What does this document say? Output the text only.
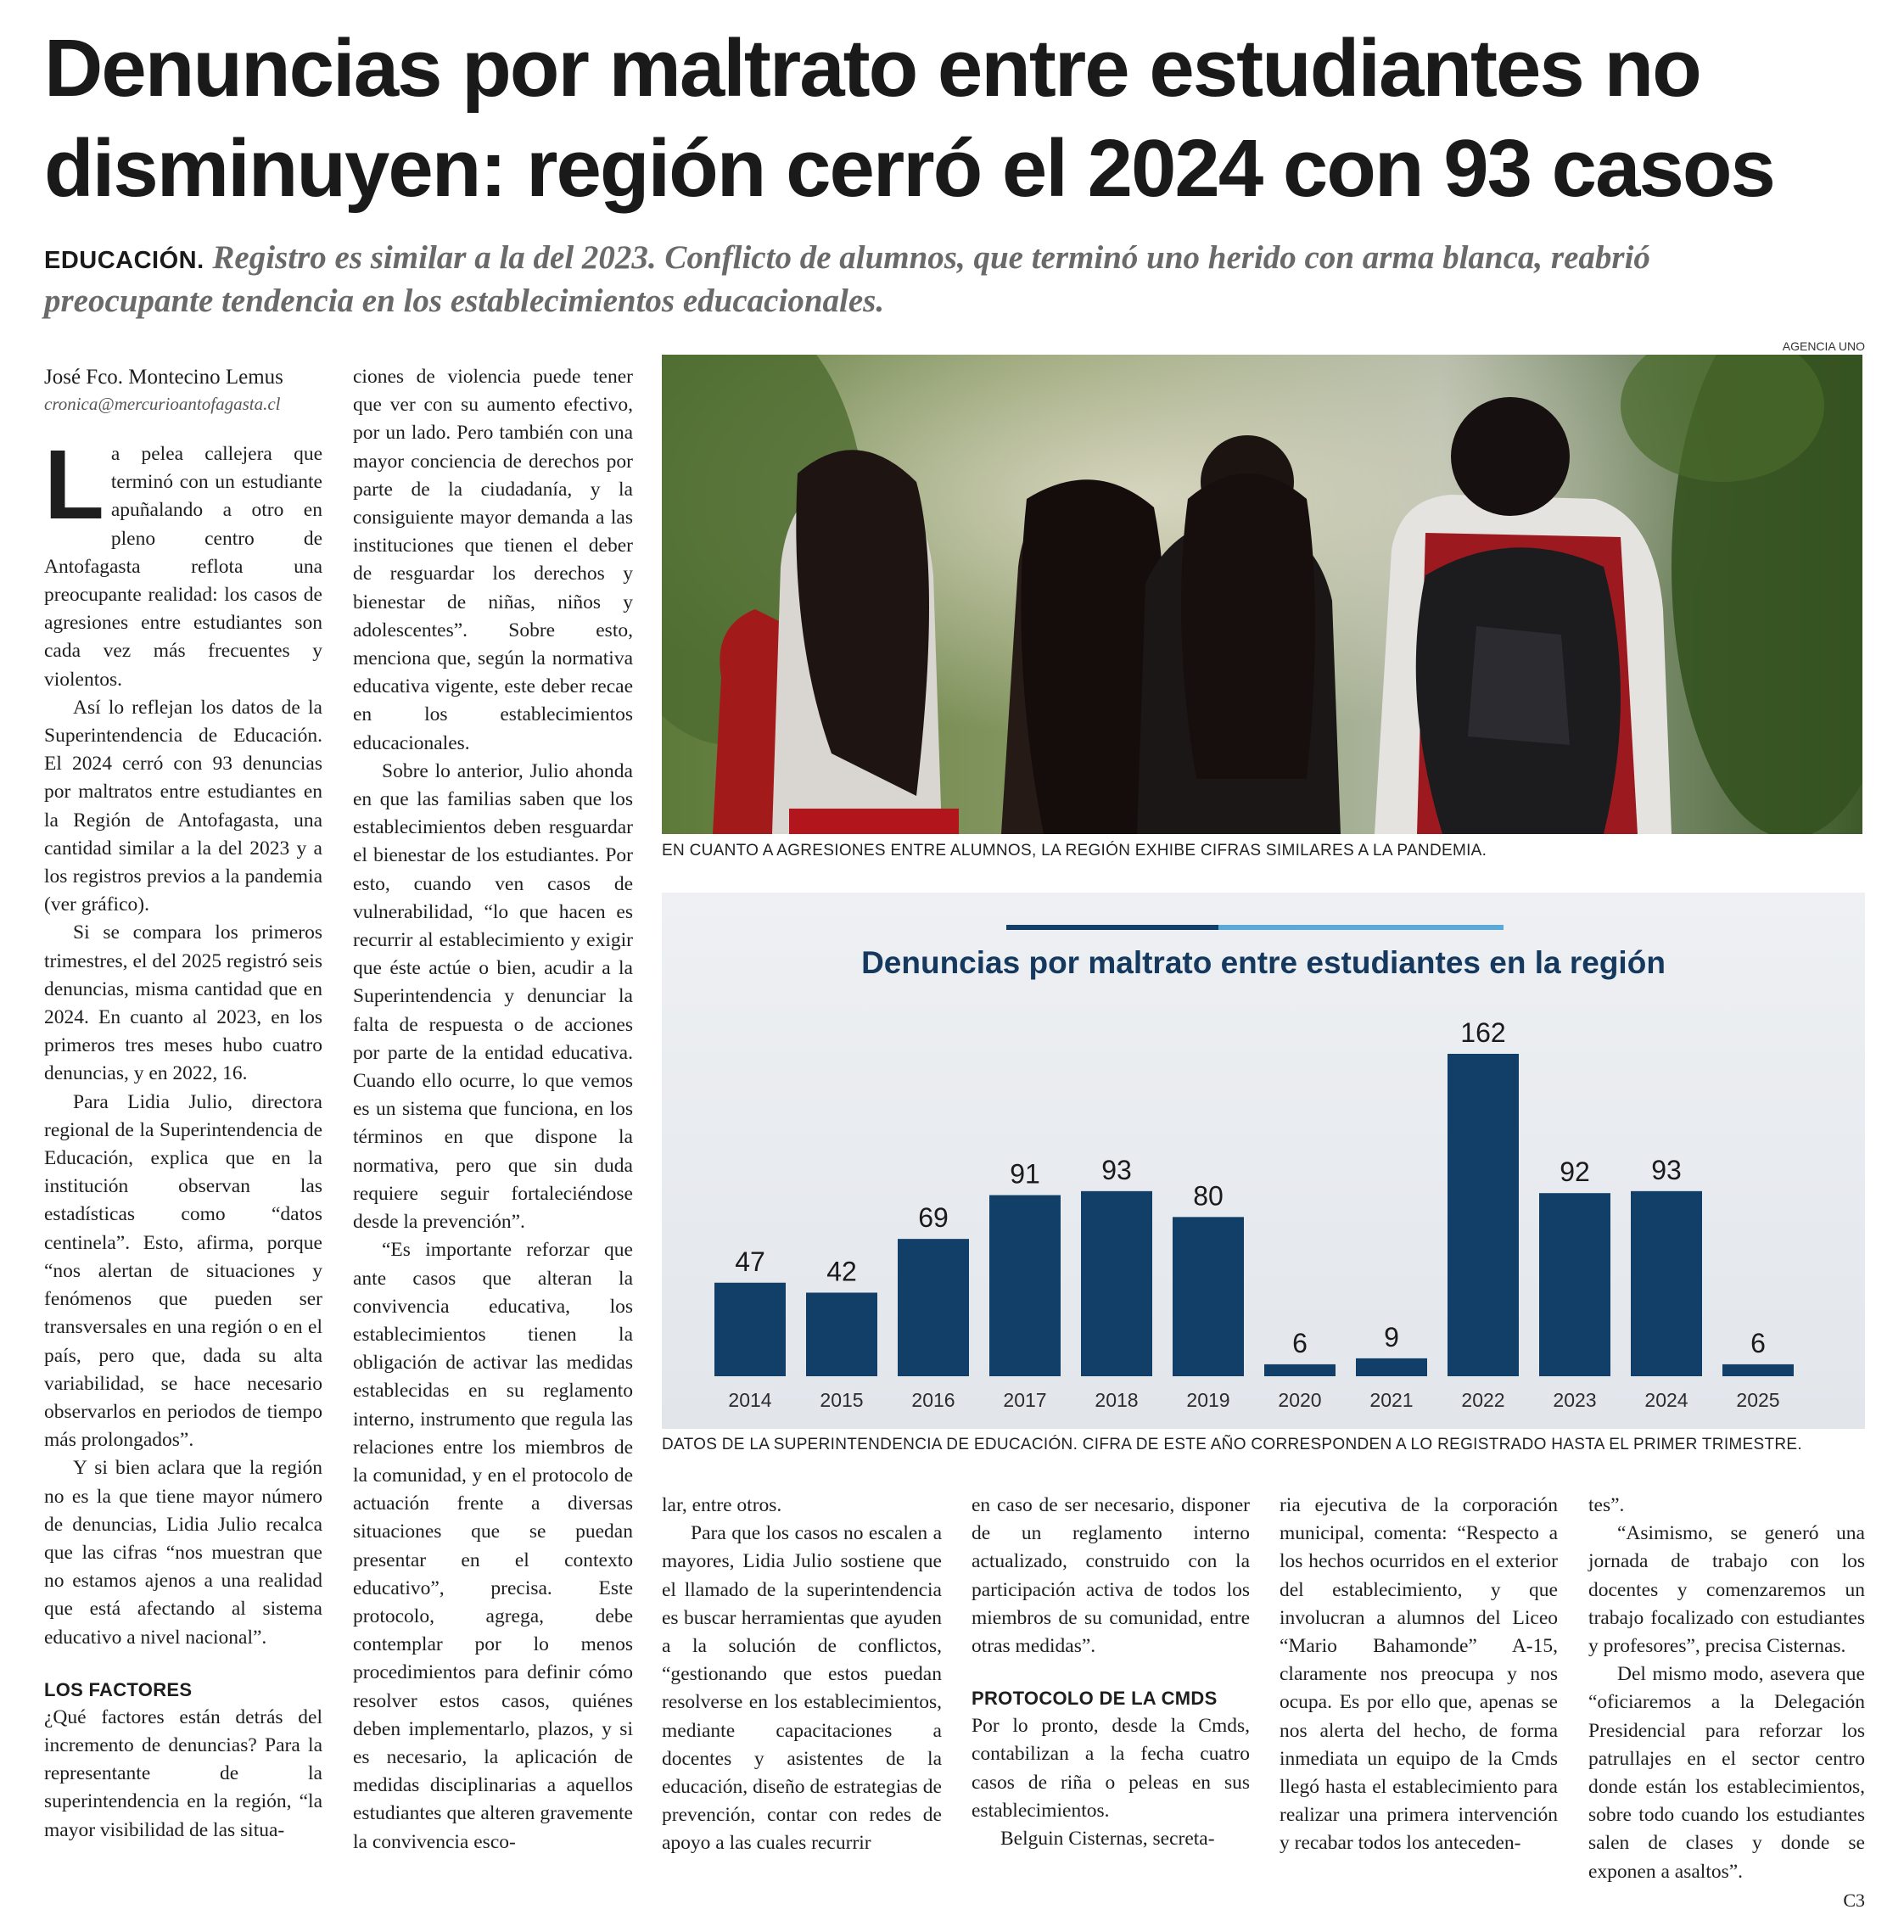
Denuncias por maltrato entre estudiantes no disminuyen: región cerró el 2024 con 93 casos

EDUCACIÓN. Registro es similar a la del 2023. Conflicto de alumnos, que terminó uno herido con arma blanca, reabrió preocupante tendencia en los establecimientos educacionales.

José Fco. Montecino Lemus
cronica@mercurioantofagasta.cl

La pelea callejera que terminó con un estudiante apuñalando a otro en pleno centro de Antofagasta reflota una preocupante realidad: los casos de agresiones entre estudiantes son cada vez más frecuentes y violentos.

Así lo reflejan los datos de la Superintendencia de Educación. El 2024 cerró con 93 denuncias por maltratos entre estudiantes en la Región de Antofagasta, una cantidad similar a la del 2023 y a los registros previos a la pandemia (ver gráfico).

Si se compara los primeros trimestres, el del 2025 registró seis denuncias, misma cantidad que en 2024. En cuanto al 2023, en los primeros tres meses hubo cuatro denuncias, y en 2022, 16.

Para Lidia Julio, directora regional de la Superintendencia de Educación, explica que en la institución observan las estadísticas como “datos centinela”. Esto, afirma, porque “nos alertan de situaciones y fenómenos que pueden ser transversales en una región o en el país, pero que, dada su alta variabilidad, se hace necesario observarlos en periodos de tiempo más prolongados”.

Y si bien aclara que la región no es la que tiene mayor número de denuncias, Lidia Julio recalca que las cifras “nos muestran que no estamos ajenos a una realidad que está afectando al sistema educativo a nivel nacional”.

LOS FACTORES

¿Qué factores están detrás del incremento de denuncias? Para la representante de la superintendencia en la región, “la mayor visibilidad de las situa-

ciones de violencia puede tener que ver con su aumento efectivo, por un lado. Pero también con una mayor conciencia de derechos por parte de la ciudadanía, y la consiguiente mayor demanda a las instituciones que tienen el deber de resguardar los derechos y bienestar de niñas, niños y adolescentes”. Sobre esto, menciona que, según la normativa educativa vigente, este deber recae en los establecimientos educacionales.

Sobre lo anterior, Julio ahonda en que las familias saben que los establecimientos deben resguardar el bienestar de los estudiantes. Por esto, cuando ven casos de vulnerabilidad, “lo que hacen es recurrir al establecimiento y exigir que éste actúe o bien, acudir a la Superintendencia y denunciar la falta de respuesta o de acciones por parte de la entidad educativa. Cuando ello ocurre, lo que vemos es un sistema que funciona, en los términos en que dispone la normativa, pero que sin duda requiere seguir fortaleciéndose desde la prevención”.

“Es importante reforzar que ante casos que alteran la convivencia educativa, los establecimientos tienen la obligación de activar las medidas establecidas en su reglamento interno, instrumento que regula las relaciones entre los miembros de la comunidad, y en el protocolo de actuación frente a diversas situaciones que se puedan presentar en el contexto educativo”, precisa. Este protocolo, agrega, debe contemplar por lo menos procedimientos para definir cómo resolver estos casos, quiénes deben implementarlo, plazos, y si es necesario, la aplicación de medidas disciplinarias a aquellos estudiantes que alteren gravemente la convivencia esco-

AGENCIA UNO
EN CUANTO A AGRESIONES ENTRE ALUMNOS, LA REGIÓN EXHIBE CIFRAS SIMILARES A LA PANDEMIA.
Denuncias por maltrato entre estudiantes en la región
47
2014
42
2015
69
2016
91
2017
93
2018
80
2019
6
2020
9
2021
162
2022
92
2023
93
2024
6
2025
DATOS DE LA SUPERINTENDENCIA DE EDUCACIÓN. CIFRA DE ESTE AÑO CORRESPONDEN A LO REGISTRADO HASTA EL PRIMER TRIMESTRE.

lar, entre otros.

Para que los casos no escalen a mayores, Lidia Julio sostiene que el llamado de la superintendencia es buscar herramientas que ayuden a la solución de conflictos, “gestionando que estos puedan resolverse en los establecimientos, mediante capacitaciones a docentes y asistentes de la educación, diseño de estrategias de prevención, contar con redes de apoyo a las cuales recurrir

en caso de ser necesario, disponer de un reglamento interno actualizado, construido con la participación activa de todos los miembros de su comunidad, entre otras medidas”.

PROTOCOLO DE LA CMDS

Por lo pronto, desde la Cmds, contabilizan a la fecha cuatro casos de riña o peleas en sus establecimientos.

Belguin Cisternas, secreta-

ria ejecutiva de la corporación municipal, comenta: “Respecto a los hechos ocurridos en el exterior del establecimiento, y que involucran a alumnos del Liceo “Mario Bahamonde” A-15, claramente nos preocupa y nos ocupa. Es por ello que, apenas se nos alerta del hecho, de forma inmediata un equipo de la Cmds llegó hasta el establecimiento para realizar una primera intervención y recabar todos los anteceden-

tes”.

“Asimismo, se generó una jornada de trabajo con los docentes y comenzaremos un trabajo focalizado con estudiantes y profesores”, precisa Cisternas.

Del mismo modo, asevera que “oficiaremos a la Delegación Presidencial para reforzar los patrullajes en el sector centro donde están los establecimientos, sobre todo cuando los estudiantes salen de clases y donde se exponen a asaltos”.

C3
